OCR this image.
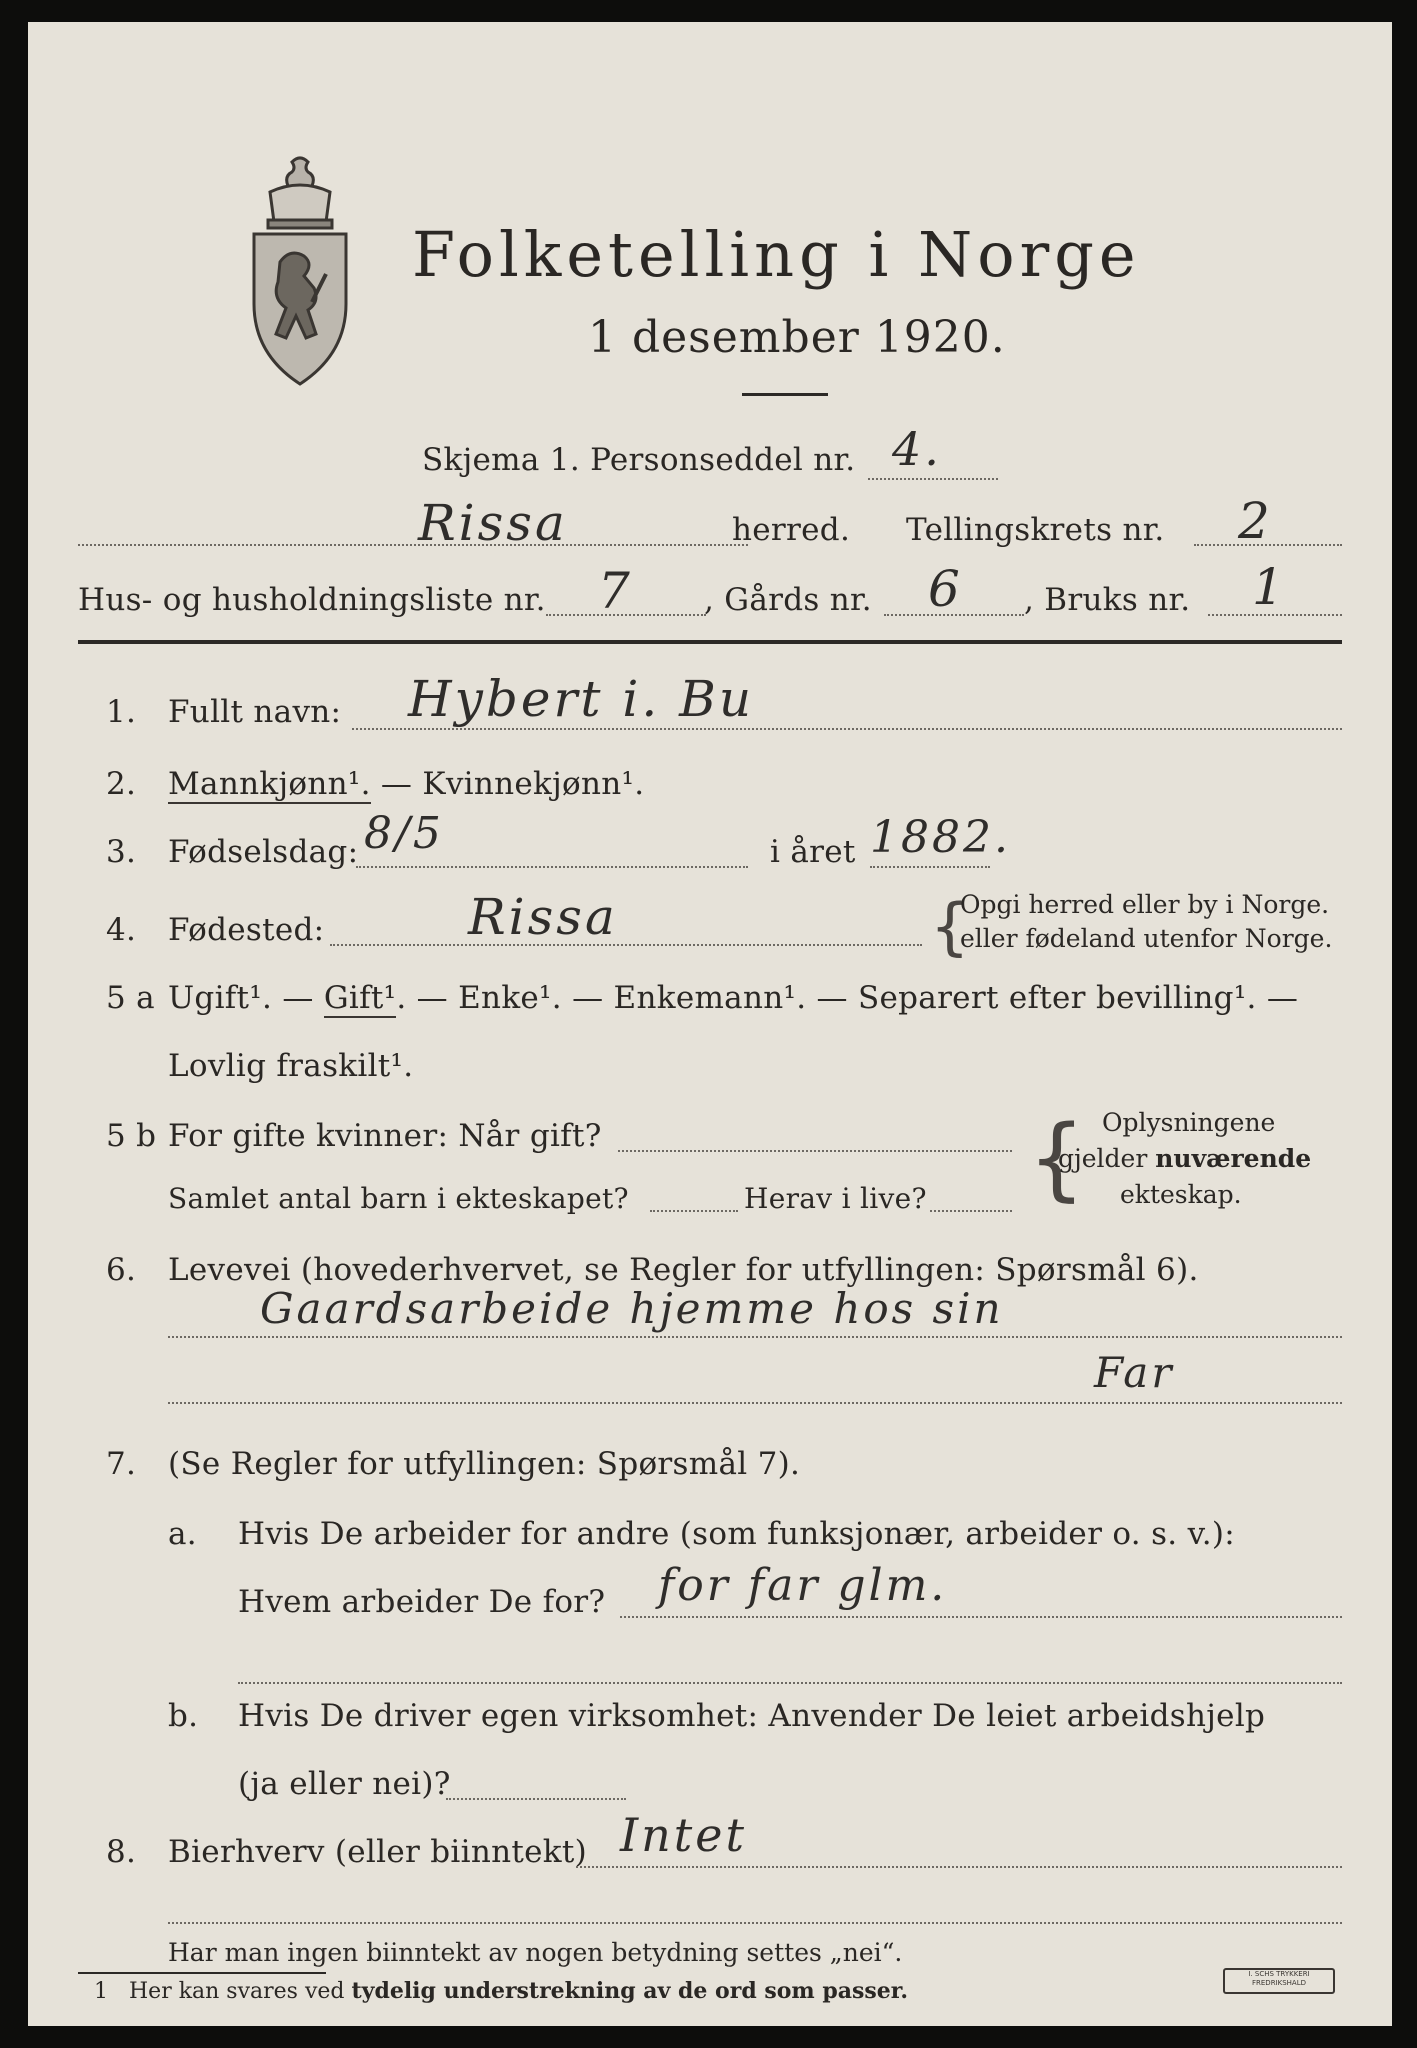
Folketelling i Norge
1 desember 1920.
Skjema 1. Personseddel nr. 4.
Rissa	herred. Tellingskrets nr. 2
Hus- og husholdningsliste nr. 7 , Gårds nr. 6 , Bruks nr. 1
1. Fullt navn: Hybert i. Bu
2. Mannkjønn¹. — Kvinnekjønn¹.
3. Fødselsdag: 8/5	i året 1882.
4. Fødested:	Rissa	{
Opgi herred eller by i Norge.
eller fødeland utenfor Norge.
5 a Ugift¹. — Gift¹. — Enke¹. — Enkemann¹. — Separert efter bevilling¹. —
Lovlig fraskilt¹.
5 b For gifte kvinner: Når gift?
Samlet antal barn i ekteskapet?	Herav i live? { Oplysningene
gjelder nuværende
ekteskap.
6. Levevei (hovederhvervet, se Regler for utfyllingen: Spørsmål 6).
Gaardsarbeide hjemme hos sin
Far
7. (Se Regler for utfyllingen: Spørsmål 7).
a. Hvis De arbeider for andre (som funksjonær, arbeider o. s. v.):
Hvem arbeider De for? for far glm.
b. Hvis De driver egen virksomhet: Anvender De leiet arbeidshjelp
(ja eller nei)?
8. Bierhverv (eller biinntekt) Intet
Har man ingen biinntekt av nogen betydning settes „nei“.
1 Her kan svares ved tydelig understrekning av de ord som passer.
I. SCHS TRYKKERI
FREDRIKSHALD
